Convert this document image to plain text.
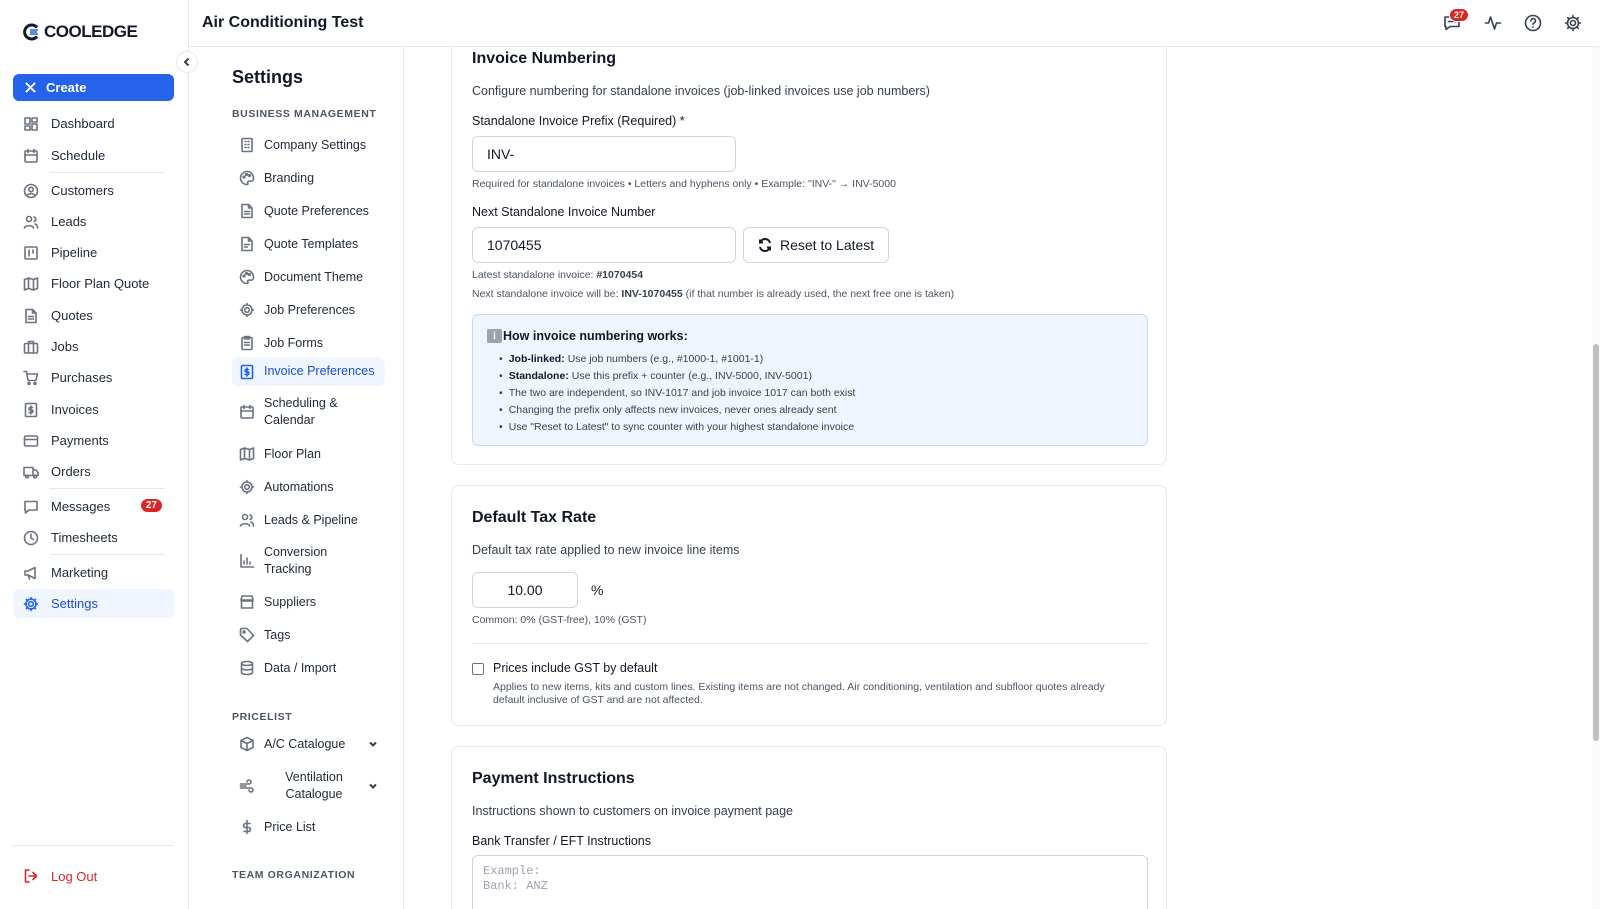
COOLEDGE
Create
Dashboard
Schedule
Customers
Leads
Pipeline
Floor Plan Quote
Quotes
Jobs
Purchases
Invoices
Payments
Orders
Messages	27
Timesheets
Marketing
Settings
Log Out
Air Conditioning Test	27
Settings
BUSINESS MANAGEMENT
Company Settings
Branding
Quote Preferences
Quote Templates
Document Theme
Job Preferences
Job Forms
Invoice Preferences
Scheduling & Calendar
Floor Plan
Automations
Leads & Pipeline
Conversion Tracking
Suppliers
Tags
Data / Import
PRICELIST
A/C Catalogue
Ventilation Catalogue
Price List
TEAM ORGANIZATION
Invoice Numbering
Configure numbering for standalone invoices (job-linked invoices use job numbers)
Standalone Invoice Prefix (Required) *
INV-
Required for standalone invoices • Letters and hyphens only • Example: "INV-" → INV-5000
Next Standalone Invoice Number
1070455	Reset to Latest
Latest standalone invoice: #1070454
Next standalone invoice will be: INV-1070455 (if that number is already used, the next free one is taken)
i How invoice numbering works:
• Job-linked: Use job numbers (e.g., #1000-1, #1001-1)
• Standalone: Use this prefix + counter (e.g., INV-5000, INV-5001)
• The two are independent, so INV-1017 and job invoice 1017 can both exist
• Changing the prefix only affects new invoices, never ones already sent
• Use "Reset to Latest" to sync counter with your highest standalone invoice
Default Tax Rate
Default tax rate applied to new invoice line items
10.00	%
Common: 0% (GST-free), 10% (GST)
Prices include GST by default
Applies to new items, kits and custom lines. Existing items are not changed. Air conditioning, ventilation and subfloor quotes already
default inclusive of GST and are not affected.
Payment Instructions
Instructions shown to customers on invoice payment page
Bank Transfer / EFT Instructions
Example:
Bank: ANZ
